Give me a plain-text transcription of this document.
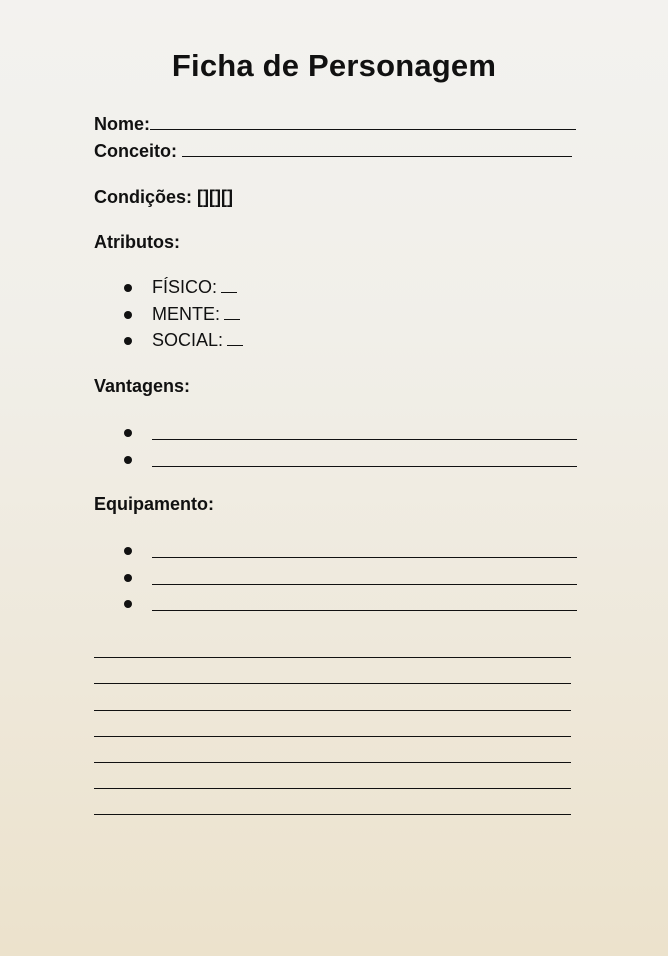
Ficha de Personagem
Nome:
Conceito:
Condições: [][][]
Atributos:
FÍSICO:
MENTE:
SOCIAL:
Vantagens:
Equipamento:
